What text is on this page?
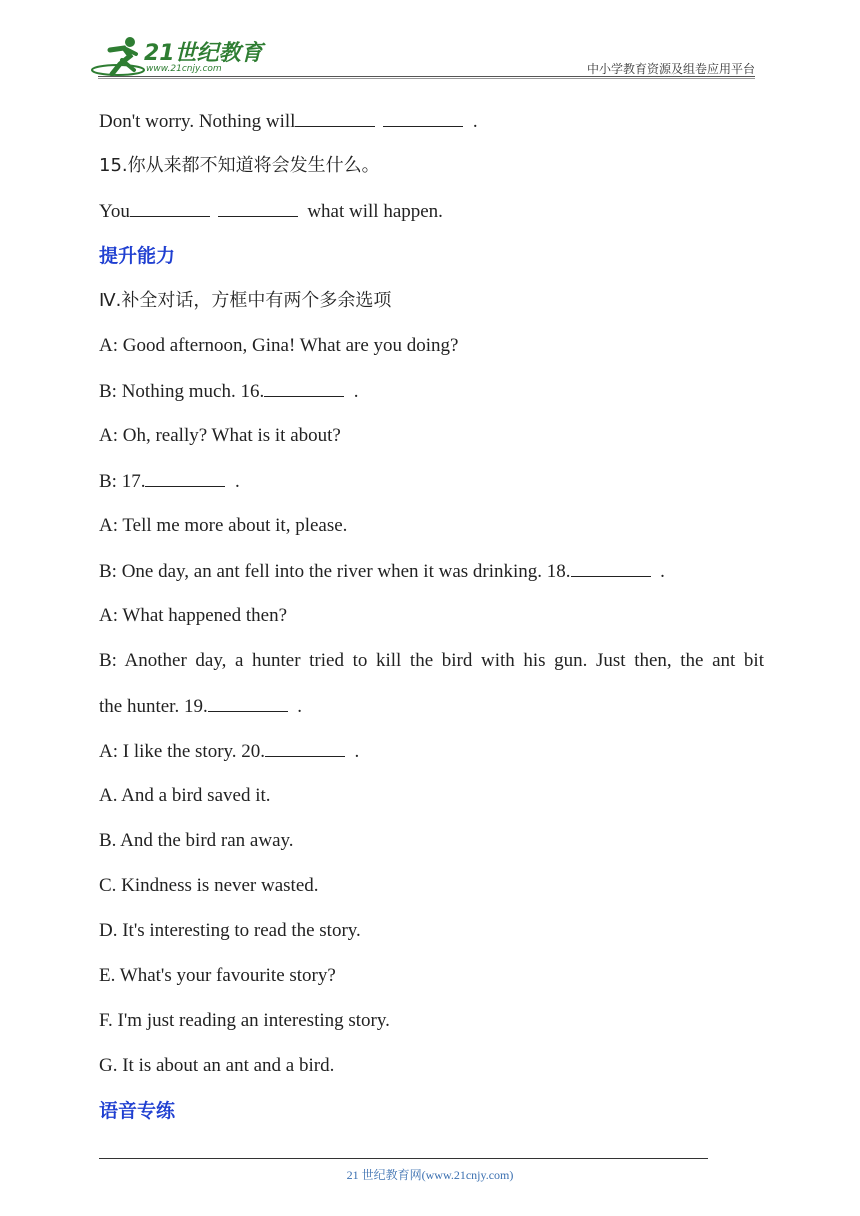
21世纪教育
www.21cnjy.com	中小学教育资源及组卷应用平台
Don't worry. Nothing will	.
15.你从来都不知道将会发生什么。
You	what will happen.
提升能力
Ⅳ.补全对话，方框中有两个多余选项
A: Good afternoon, Gina! What are you doing?
B: Nothing much. 16.	.
A: Oh, really? What is it about?
B: 17.	.
A: Tell me more about it, please.
B: One day, an ant fell into the river when it was drinking. 18.	.
A: What happened then?
B: Another day, a hunter tried to kill the bird with his gun. Just then, the ant bit
the hunter. 19.	.
A: I like the story. 20.	.
A. And a bird saved it.
B. And the bird ran away.
C. Kindness is never wasted.
D. It's interesting to read the story.
E. What's your favourite story?
F. I'm just reading an interesting story.
G. It is about an ant and a bird.
语音专练
21 世纪教育网(www.21cnjy.com)
